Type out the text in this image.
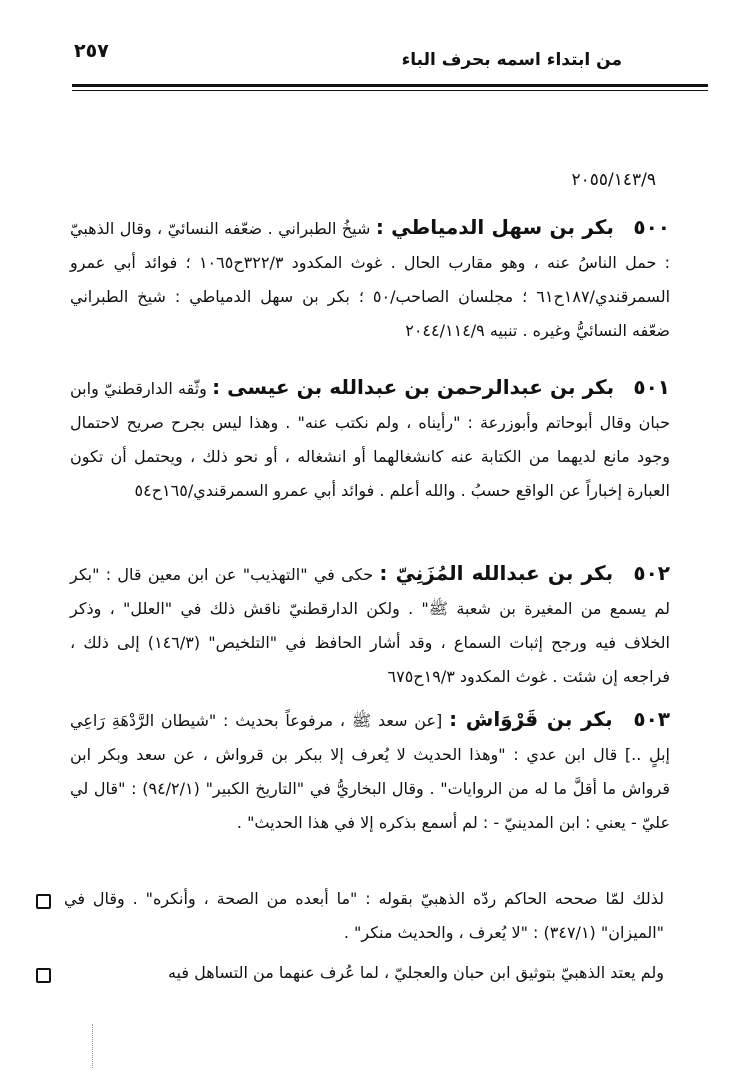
من ابتداء اسمه بحرف الباء
٢٥٧
٢٠٥٥/١٤٣/٩
٥٠٠ بكر بن سهل الدمياطي : شيخُ الطبراني . ضعّفه النسائيّ ، وقال الذهبيّ : حمل الناسُ عنه ، وهو مقارب الحال . غوث المكدود ٣٢٢/٣ح١٠٦٥ ؛ فوائد أبي عمرو السمرقندي/١٨٧ح٦١ ؛ مجلسان الصاحب/٥٠ ؛ بكر بن سهل الدمياطي : شيخ الطبراني ضعّفه النسائيُّ وغيره . تنبيه ٢٠٤٤/١١٤/٩
٥٠١ بكر بن عبدالرحمن بن عبدالله بن عيسى : وثّقه الدارقطنيّ وابن حبان وقال أبوحاتم وأبوزرعة : "رأيناه ، ولم نكتب عنه" . وهذا ليس بجرح صريح لاحتمال وجود مانع لديهما من الكتابة عنه كانشغالهما أو انشغاله ، أو نحو ذلك ، ويحتمل أن تكون العبارة إخباراً عن الواقع حسبُ . والله أعلم . فوائد أبي عمرو السمرقندي/١٦٥ح٥٤
٥٠٢ بكر بن عبدالله المُزَنِيّ : حكى في "التهذيب" عن ابن معين قال : "بكر لم يسمع من المغيرة بن شعبة ﷺ" . ولكن الدارقطنيّ ناقش ذلك في "العلل" ، وذكر الخلاف فيه ورجح إثبات السماع ، وقد أشار الحافظ في "التلخيص" (١٤٦/٣) إلى ذلك ، فراجعه إن شئت . غوث المكدود ١٩/٣ح٦٧٥
٥٠٣ بكر بن قَرْوَاش : [عن سعد ﷺ ، مرفوعاً بحديث : "شيطان الرَّدْهَةِ رَاعِي إبلٍ ..] قال ابن عدي : "وهذا الحديث لا يُعرف إلا ببكر بن قرواش ، عن سعد وبكر ابن قرواش ما أقلَّ ما له من الروايات" . وقال البخاريُّ في "التاريخ الكبير" (٩٤/٢/١) : "قال لي عليّ - يعني : ابن المدينيّ - : لم أسمع بذكره إلا في هذا الحديث" .
لذلك لمّا صححه الحاكم ردّه الذهبيّ بقوله : "ما أبعده من الصحة ، وأنكره" . وقال في "الميزان" (٣٤٧/١) : "لا يُعرف ، والحديث منكر" .
ولم يعتد الذهبيّ بتوثيق ابن حبان والعجليّ ، لما عُرف عنهما من التساهل فيه
